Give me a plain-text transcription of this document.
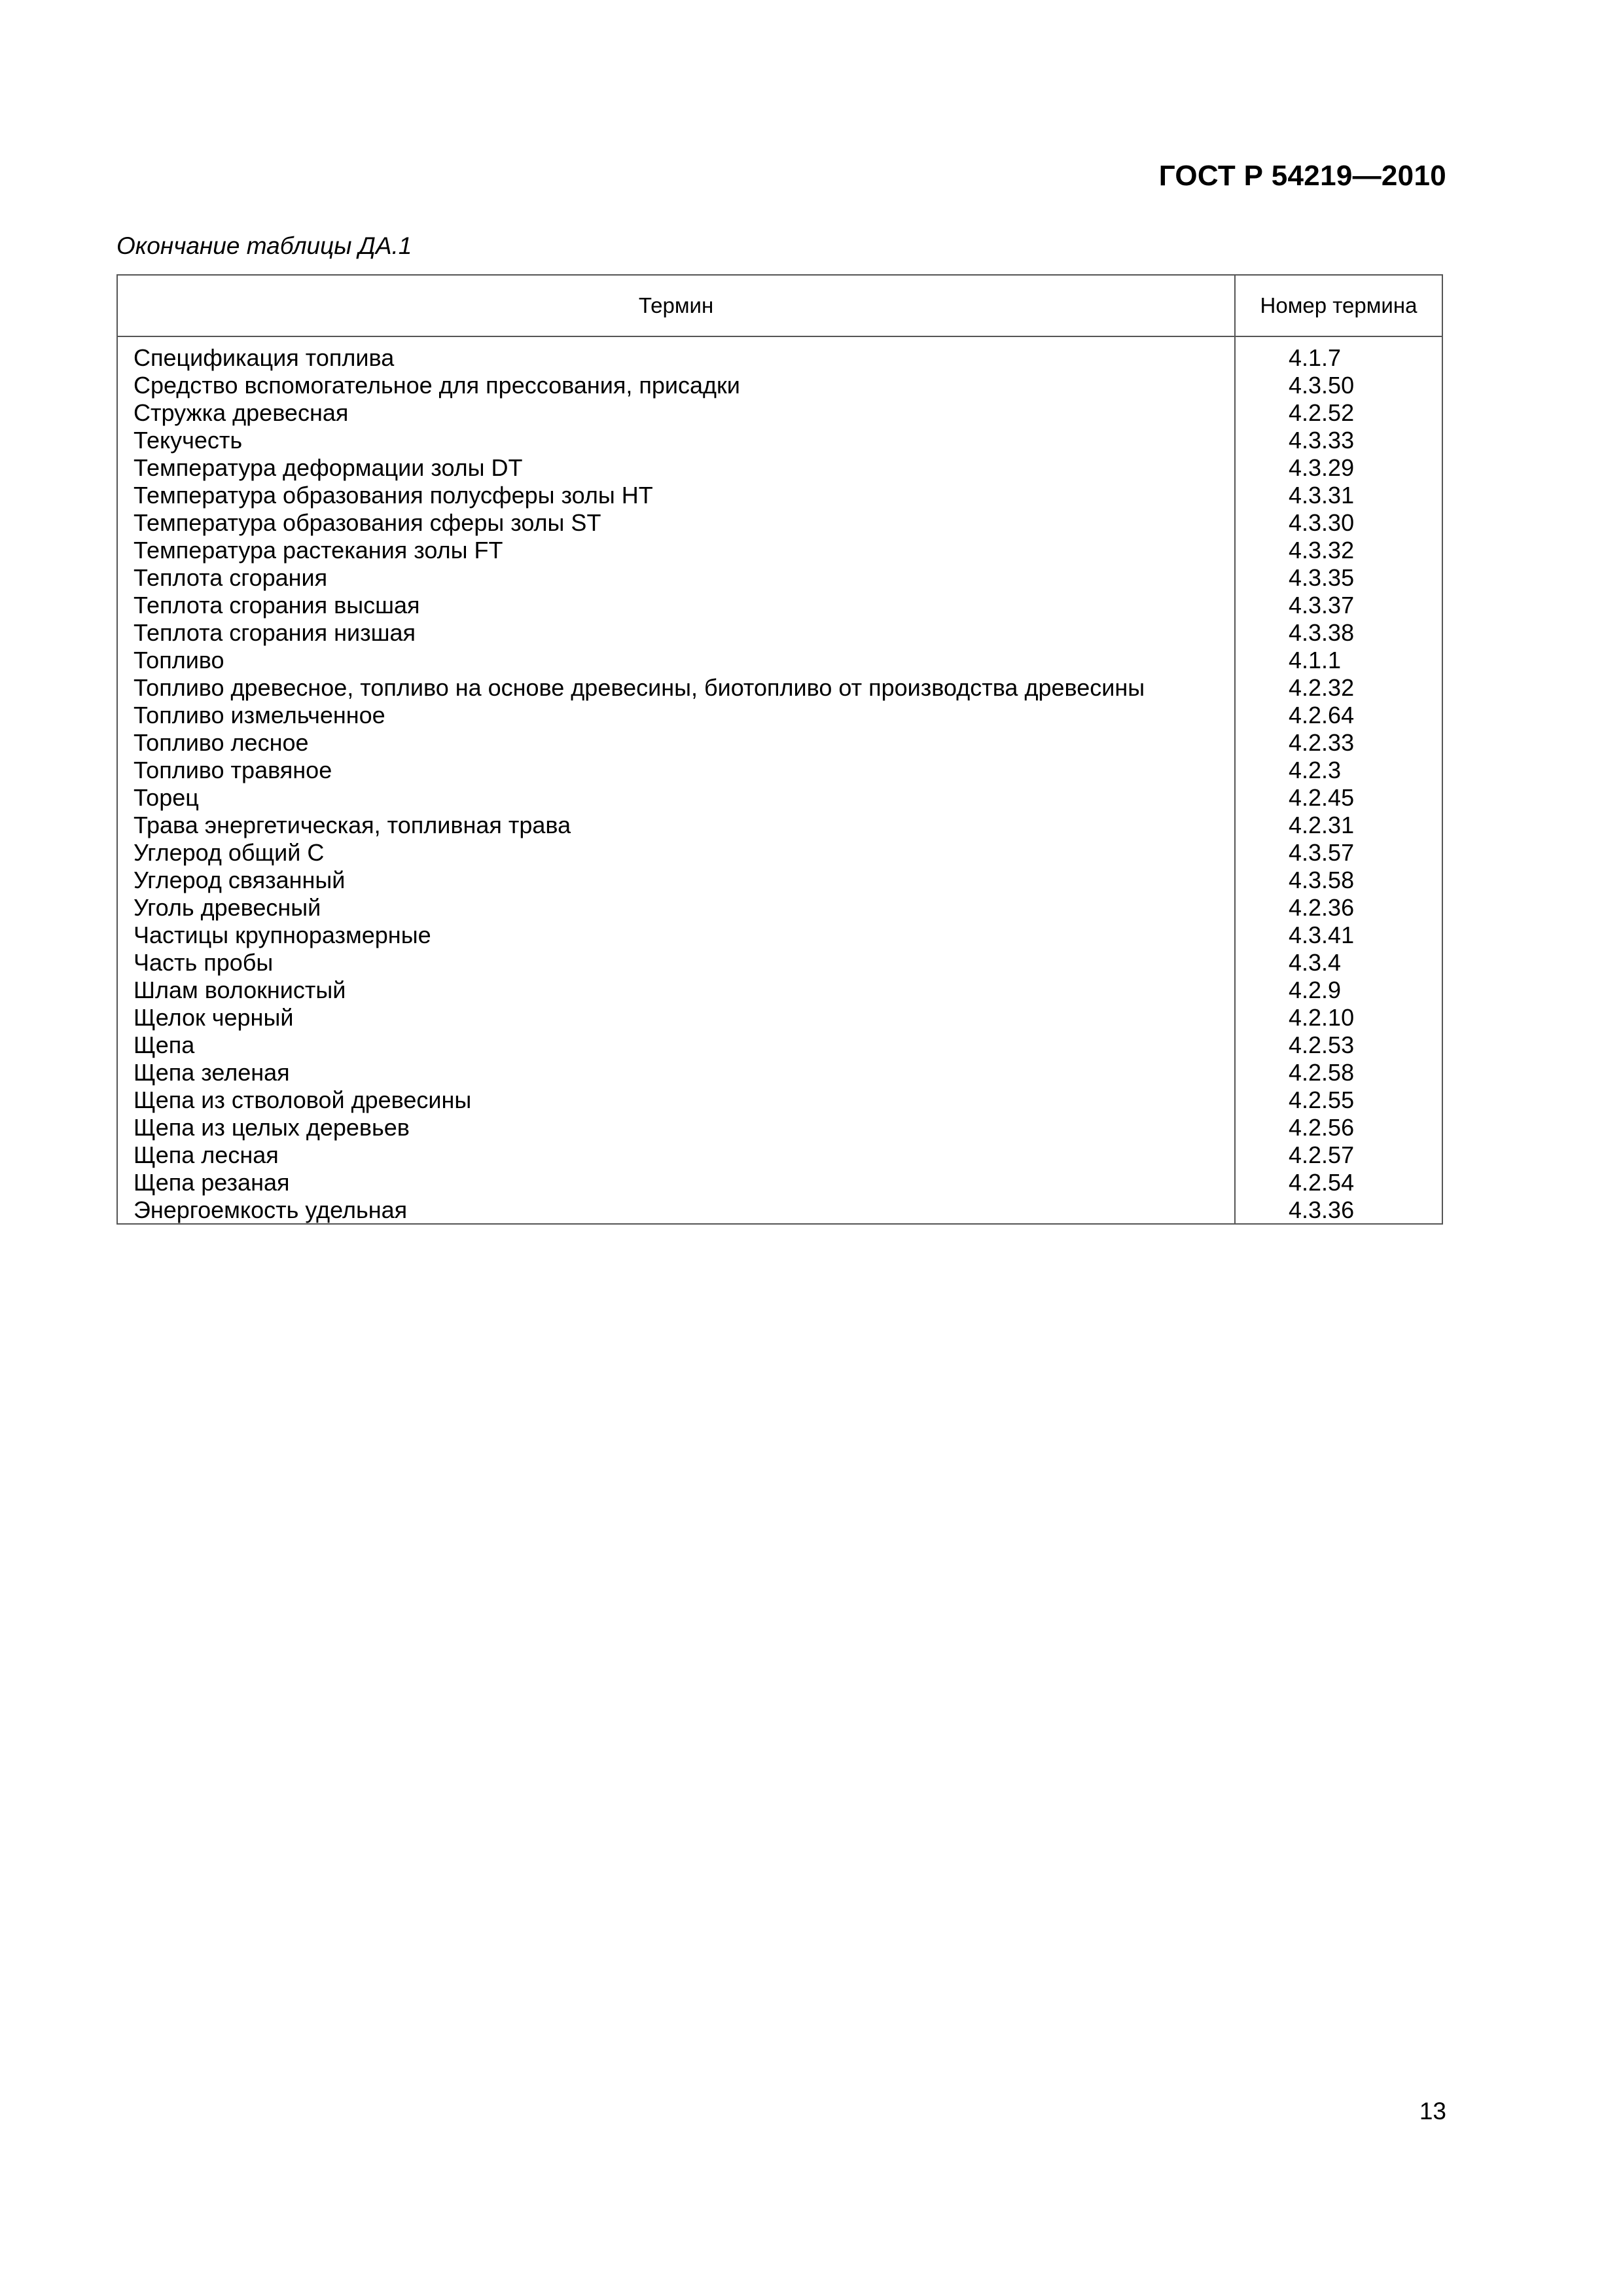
ГОСТ Р 54219—2010
Окончание таблицы ДА.1
Термин	Номер термина
Спецификация топлива	4.1.7
Средство вспомогательное для прессования, присадки	4.3.50
Стружка древесная	4.2.52
Текучесть	4.3.33
Температура деформации золы DT	4.3.29
Температура образования полусферы золы HT	4.3.31
Температура образования сферы золы ST	4.3.30
Температура растекания золы FT	4.3.32
Теплота сгорания	4.3.35
Теплота сгорания высшая	4.3.37
Теплота сгорания низшая	4.3.38
Топливо	4.1.1
Топливо древесное, топливо на основе древесины, биотопливо от производства древесины	4.2.32
Топливо измельченное	4.2.64
Топливо лесное	4.2.33
Топливо травяное	4.2.3
Торец	4.2.45
Трава энергетическая, топливная трава	4.2.31
Углерод общий C	4.3.57
Углерод связанный	4.3.58
Уголь древесный	4.2.36
Частицы крупноразмерные	4.3.41
Часть пробы	4.3.4
Шлам волокнистый	4.2.9
Щелок черный	4.2.10
Щепа	4.2.53
Щепа зеленая	4.2.58
Щепа из стволовой древесины	4.2.55
Щепа из целых деревьев	4.2.56
Щепа лесная	4.2.57
Щепа резаная	4.2.54
Энергоемкость удельная	4.3.36
13
